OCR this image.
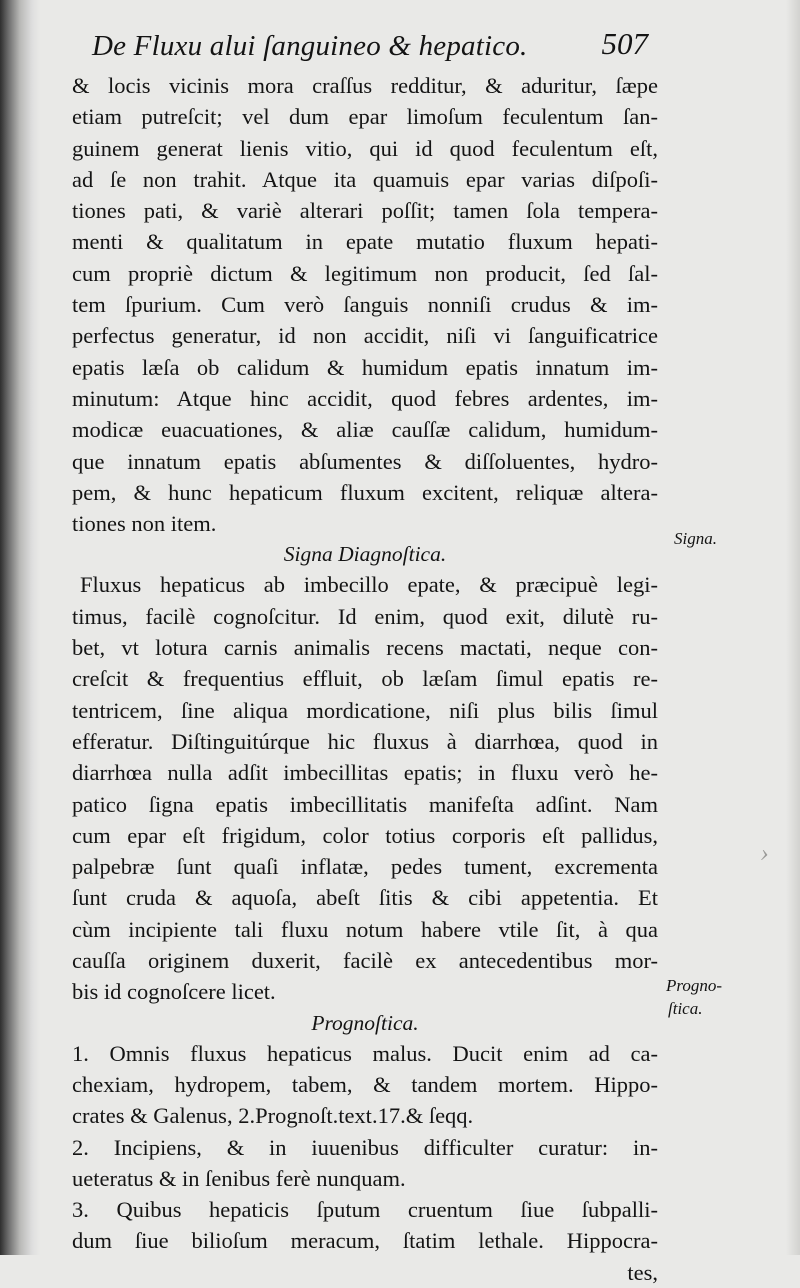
De Fluxu alui ſanguineo & hepatico. 507
& locis vicinis mora craſſus redditur, & aduritur, ſæpe
etiam putreſcit; vel dum epar limoſum feculentum ſan-
guinem generat lienis vitio, qui id quod feculentum eſt,
ad ſe non trahit. Atque ita quamuis epar varias diſpoſi-
tiones pati, & variè alterari poſſit; tamen ſola tempera-
menti & qualitatum in epate mutatio fluxum hepati-
cum propriè dictum & legitimum non producit, ſed ſal-
tem ſpurium. Cum verò ſanguis nonniſi crudus & im-
perfectus generatur, id non accidit, niſi vi ſanguificatrice
epatis læſa ob calidum & humidum epatis innatum im-
minutum: Atque hinc accidit, quod febres ardentes, im-
modicæ euacuationes, & aliæ cauſſæ calidum, humidum-
que innatum epatis abſumentes & diſſoluentes, hydro-
pem, & hunc hepaticum fluxum excitent, reliquæ altera-
tiones non item.
Signa Diagnoſtica.
Fluxus hepaticus ab imbecillo epate, & præcipuè legi-
timus, facilè cognoſcitur. Id enim, quod exit, dilutè ru-
bet, vt lotura carnis animalis recens mactati, neque con-
creſcit & frequentius effluit, ob læſam ſimul epatis re-
tentricem, ſine aliqua mordicatione, niſi plus bilis ſimul
efferatur. Diſtinguitúrque hic fluxus à diarrhœa, quod in
diarrhœa nulla adſit imbecillitas epatis; in fluxu verò he-
patico ſigna epatis imbecillitatis manifeſta adſint. Nam
cum epar eſt frigidum, color totius corporis eſt pallidus,
palpebræ ſunt quaſi inflatæ, pedes tument, excrementa
ſunt cruda & aquoſa, abeſt ſitis & cibi appetentia. Et
cùm incipiente tali fluxu notum habere vtile ſit, à qua
cauſſa originem duxerit, facilè ex antecedentibus mor-
bis id cognoſcere licet.
Prognoſtica.
1. Omnis fluxus hepaticus malus. Ducit enim ad ca-
chexiam, hydropem, tabem, & tandem mortem. Hippo-
crates & Galenus, 2.Prognoſt.text.17.& ſeqq.
2. Incipiens, & in iuuenibus difficulter curatur: in-
ueteratus & in ſenibus ferè nunquam.
3. Quibus hepaticis ſputum cruentum ſiue ſubpalli-
dum ſiue bilioſum meracum, ſtatim lethale. Hippocra-
tes,
Signa.
Progno-
ſtica.
›
